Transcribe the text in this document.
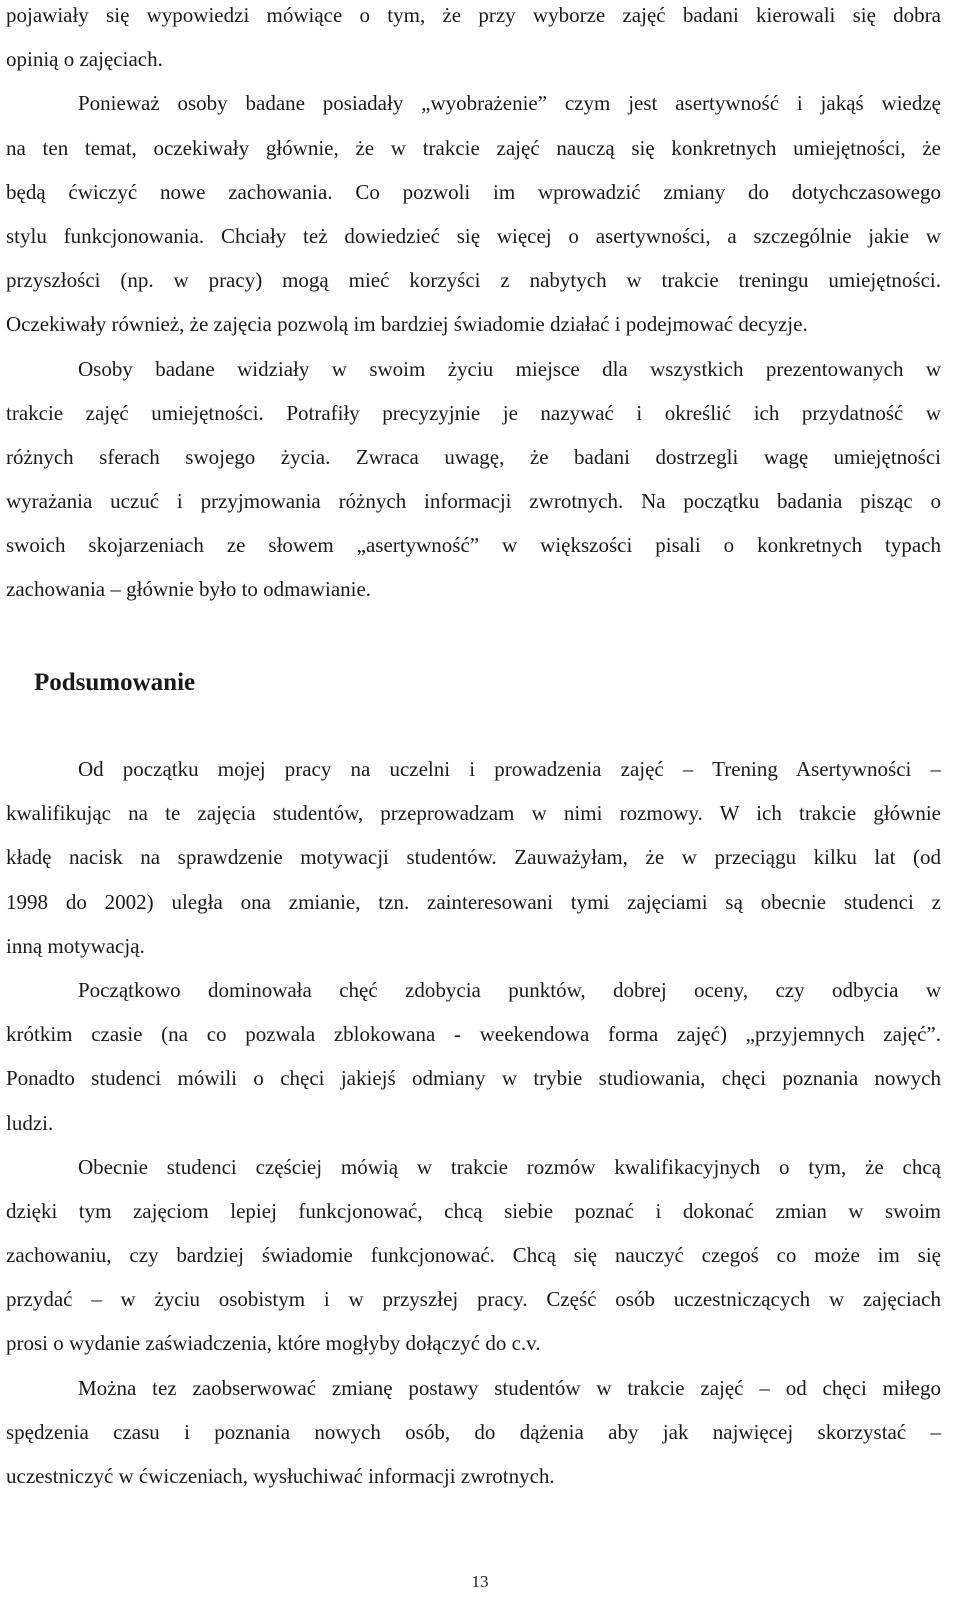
pojawiały się wypowiedzi mówiące o tym, że przy wyborze zajęć badani kierowali się dobra
opinią o zajęciach.
Ponieważ osoby badane posiadały „wyobrażenie” czym jest asertywność i jakąś wiedzę
na ten temat, oczekiwały głównie, że w trakcie zajęć nauczą się konkretnych umiejętności, że
będą ćwiczyć nowe zachowania. Co pozwoli im wprowadzić zmiany do dotychczasowego
stylu funkcjonowania. Chciały też dowiedzieć się więcej o asertywności, a szczególnie jakie w
przyszłości (np. w pracy) mogą mieć korzyści z nabytych w trakcie treningu umiejętności.
Oczekiwały również, że zajęcia pozwolą im bardziej świadomie działać i podejmować decyzje.
Osoby badane widziały w swoim życiu miejsce dla wszystkich prezentowanych w
trakcie zajęć umiejętności. Potrafiły precyzyjnie je nazywać i określić ich przydatność w
różnych sferach swojego życia. Zwraca uwagę, że badani dostrzegli wagę umiejętności
wyrażania uczuć i przyjmowania różnych informacji zwrotnych. Na początku badania pisząc o
swoich skojarzeniach ze słowem „asertywność” w większości pisali o konkretnych typach
zachowania – głównie było to odmawianie.
Podsumowanie
Od początku mojej pracy na uczelni i prowadzenia zajęć – Trening Asertywności –
kwalifikując na te zajęcia studentów, przeprowadzam w nimi rozmowy. W ich trakcie głównie
kładę nacisk na sprawdzenie motywacji studentów. Zauważyłam, że w przeciągu kilku lat (od
1998 do 2002) uległa ona zmianie, tzn. zainteresowani tymi zajęciami są obecnie studenci z
inną motywacją.
Początkowo dominowała chęć zdobycia punktów, dobrej oceny, czy odbycia w
krótkim czasie (na co pozwala zblokowana - weekendowa forma zajęć) „przyjemnych zajęć”.
Ponadto studenci mówili o chęci jakiejś odmiany w trybie studiowania, chęci poznania nowych
ludzi.
Obecnie studenci częściej mówią w trakcie rozmów kwalifikacyjnych o tym, że chcą
dzięki tym zajęciom lepiej funkcjonować, chcą siebie poznać i dokonać zmian w swoim
zachowaniu, czy bardziej świadomie funkcjonować. Chcą się nauczyć czegoś co może im się
przydać – w życiu osobistym i w przyszłej pracy. Część osób uczestniczących w zajęciach
prosi o wydanie zaświadczenia, które mogłyby dołączyć do c.v.
Można tez zaobserwować zmianę postawy studentów w trakcie zajęć – od chęci miłego
spędzenia czasu i poznania nowych osób, do dążenia aby jak najwięcej skorzystać –
uczestniczyć w ćwiczeniach, wysłuchiwać informacji zwrotnych.
13
